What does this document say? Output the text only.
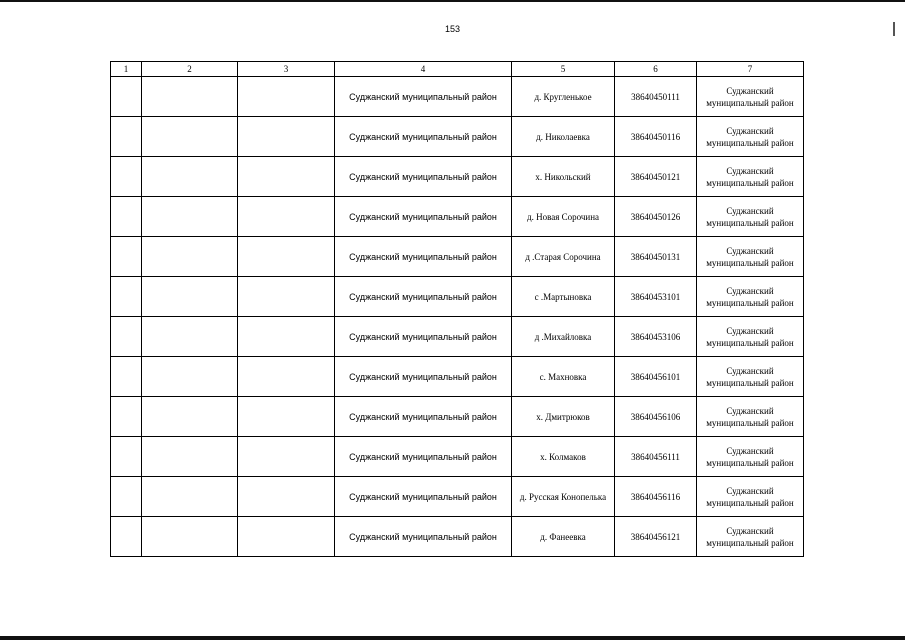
153
1	2	3	4	5	6	7
			Суджанский муниципальный район	д. Кругленькое	38640450111	Суджанский муниципальный район
			Суджанский муниципальный район	д. Николаевка	38640450116	Суджанский муниципальный район
			Суджанский муниципальный район	х. Никольский	38640450121	Суджанский муниципальный район
			Суджанский муниципальный район	д. Новая Сорочина	38640450126	Суджанский муниципальный район
			Суджанский муниципальный район	д .Старая Сорочина	38640450131	Суджанский муниципальный район
			Суджанский муниципальный район	с .Мартыновка	38640453101	Суджанский муниципальный район
			Суджанский муниципальный район	д .Михайловка	38640453106	Суджанский муниципальный район
			Суджанский муниципальный район	с. Махновка	38640456101	Суджанский муниципальный район
			Суджанский муниципальный район	х. Дмитрюков	38640456106	Суджанский муниципальный район
			Суджанский муниципальный район	х. Колмаков	38640456111	Суджанский муниципальный район
			Суджанский муниципальный район	д. Русская Конопелька	38640456116	Суджанский муниципальный район
			Суджанский муниципальный район	д. Фанеевка	38640456121	Суджанский муниципальный район
